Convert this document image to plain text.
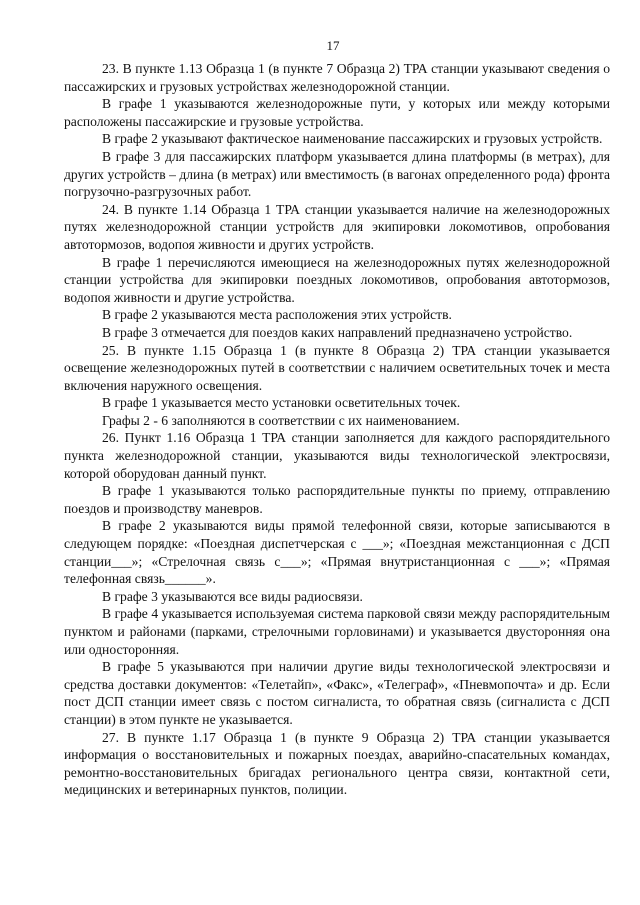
17

23. В пункте 1.13 Образца 1 (в пункте 7 Образца 2) ТРА станции указывают сведения о пассажирских и грузовых устройствах железнодорожной станции.

В графе 1 указываются железнодорожные пути, у которых или между которыми расположены пассажирские и грузовые устройства.

В графе 2 указывают фактическое наименование пассажирских и грузовых устройств.

В графе 3 для пассажирских платформ указывается длина платформы (в метрах), для других устройств – длина (в метрах) или вместимость (в вагонах определенного рода) фронта погрузочно-разгрузочных работ.

24. В пункте 1.14 Образца 1 ТРА станции указывается наличие на железнодорожных путях железнодорожной станции устройств для экипировки локомотивов, опробования автотормозов, водопоя живности и других устройств.

В графе 1 перечисляются имеющиеся на железнодорожных путях железнодорожной станции устройства для экипировки поездных локомотивов, опробования автотормозов, водопоя живности и другие устройства.

В графе 2 указываются места расположения этих устройств.

В графе 3 отмечается для поездов каких направлений предназначено устройство.

25. В пункте 1.15 Образца 1 (в пункте 8 Образца 2) ТРА станции указывается освещение железнодорожных путей в соответствии с наличием осветительных точек и места включения наружного освещения.

В графе 1 указывается место установки осветительных точек.

Графы 2 - 6 заполняются в соответствии с их наименованием.

26. Пункт 1.16 Образца 1 ТРА станции заполняется для каждого распорядительного пункта железнодорожной станции, указываются виды технологической электросвязи, которой оборудован данный пункт.

В графе 1 указываются только распорядительные пункты по приему, отправлению поездов и производству маневров.

В графе 2 указываются виды прямой телефонной связи, которые записываются в следующем порядке: «Поездная диспетчерская с ___»; «Поездная межстанционная с ДСП станции___»; «Стрелочная связь с___»; «Прямая внутристанционная с ___»; «Прямая телефонная связь______».

В графе 3 указываются все виды радиосвязи.

В графе 4 указывается используемая система парковой связи между распорядительным пунктом и районами (парками, стрелочными горловинами) и указывается двусторонняя она или односторонняя.

В графе 5 указываются при наличии другие виды технологической электросвязи и средства доставки документов: «Телетайп», «Факс», «Телеграф», «Пневмопочта» и др. Если пост ДСП станции имеет связь с постом сигналиста, то обратная связь (сигналиста с ДСП станции) в этом пункте не указывается.

27. В пункте 1.17 Образца 1 (в пункте 9 Образца 2) ТРА станции указывается информация о восстановительных и пожарных поездах, аварийно-спасательных командах, ремонтно-восстановительных бригадах регионального центра связи, контактной сети, медицинских и ветеринарных пунктов, полиции.
